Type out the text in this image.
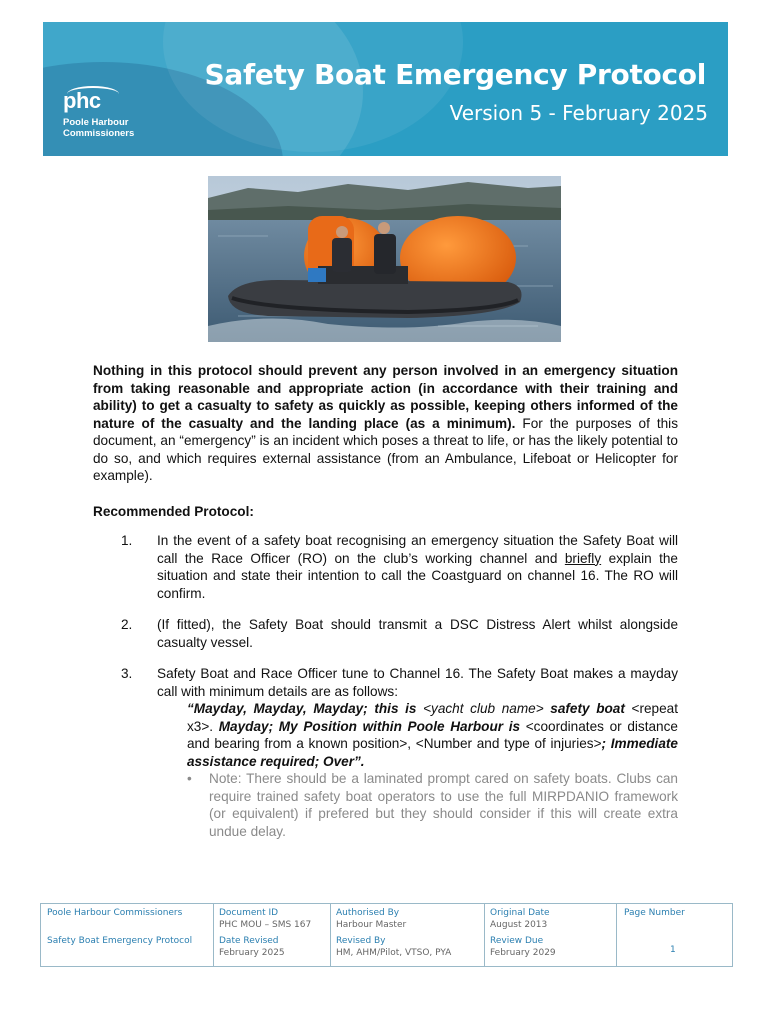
phc
Poole Harbour
Commissioners
Safety Boat Emergency Protocol
Version 5 - February 2025

Nothing in this protocol should prevent any person involved in an emergency situation from taking reasonable and appropriate action (in accordance with their training and ability) to get a casualty to safety as quickly as possible, keeping others informed of the nature of the casualty and the landing place (as a minimum). For the purposes of this document, an “emergency” is an incident which poses a threat to life, or has the likely potential to do so, and which requires external assistance (from an Ambulance, Lifeboat or Helicopter for example).

Recommended Protocol:
1. In the event of a safety boat recognising an emergency situation the Safety Boat will call the Race Officer (RO) on the club’s working channel and briefly explain the situation and state their intention to call the Coastguard on channel 16. The RO will confirm.
2. (If fitted), the Safety Boat should transmit a DSC Distress Alert whilst alongside casualty vessel.
3. Safety Boat and Race Officer tune to Channel 16. The Safety Boat makes a mayday call with minimum details are as follows:
“Mayday, Mayday, Mayday; this is <yacht club name> safety boat <repeat x3>. Mayday; My Position within Poole Harbour is <coordinates or distance and bearing from a known position>, <Number and type of injuries>; Immediate assistance required; Over”.
• Note: There should be a laminated prompt cared on safety boats. Clubs can require trained safety boat operators to use the full MIRPDANIO framework (or equivalent) if prefered but they should consider if this will create extra undue delay.
Poole Harbour Commissioners
Safety Boat Emergency Protocol
Document ID
PHC MOU – SMS 167
Date Revised
February 2025
Authorised By
Harbour Master
Revised By
HM, AHM/Pilot, VTSO, PYA
Original Date
August 2013
Review Due
February 2029
Page Number
1
